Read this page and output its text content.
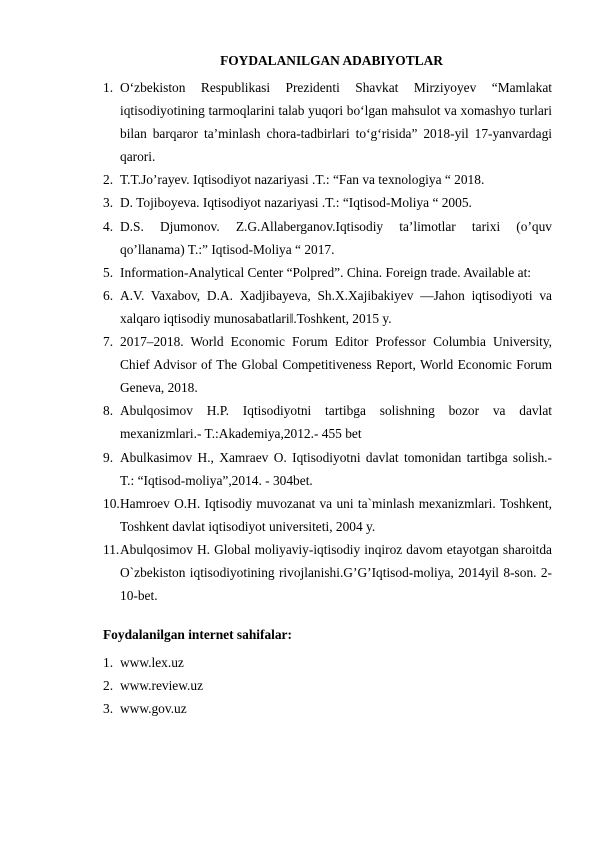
FOYDALANILGAN ADABIYOTLAR
1. O‘zbekiston Respublikasi Prezidenti Shavkat Mirziyoyev “Mamlakat iqtisodiyotining tarmoqlarini talab yuqori bo‘lgan mahsulot va xomashyo turlari bilan barqaror ta’minlash chora-tadbirlari to‘g‘risida” 2018-yil 17-yanvardagi qarori.
2. T.T.Jo’rayev. Iqtisodiyot nazariyasi .T.: “Fan va texnologiya “ 2018.
3. D. Tojiboyeva. Iqtisodiyot nazariyasi .T.: “Iqtisod-Moliya “ 2005.
4. D.S. Djumonov. Z.G.Allaberganov.Iqtisodiy ta’limotlar tarixi (o’quv qo’llanama) T.:” Iqtisod-Moliya “ 2017.
5. Information-Analytical Center “Polpred”. China. Foreign trade. Available at:
6. A.V. Vaxabov, D.A. Xadjibayeva, Sh.X.Xajibakiyev ―Jahon iqtisodiyoti va xalqaro iqtisodiy munosabatlari‖.Toshkent, 2015 y.
7. 2017–2018. World Economic Forum Editor Professor Columbia University, Chief Advisor of The Global Competitiveness Report, World Economic Forum Geneva, 2018.
8. Abulqosimov H.P. Iqtisodiyotni tartibga solishning bozor va davlat mexanizmlari.- T.:Akademiya,2012.- 455 bet
9. Abulkasimov H., Xamraev O. Iqtisodiyotni davlat tomonidan tartibga solish.- T.: “Iqtisod-moliya”,2014. - 304bet.
10. Hamroev O.H. Iqtisodiy muvozanat va uni ta`minlash mexanizmlari. Toshkent, Toshkent davlat iqtisodiyot universiteti, 2004 y.
11. Abulqosimov H. Global moliyaviy-iqtisodiy inqiroz davom etayotgan sharoitda O`zbekiston iqtisodiyotining rivojlanishi.G’G’Iqtisod-moliya, 2014yil 8-son. 2-10-bet.
Foydalanilgan internet sahifalar:
1. www.lex.uz
2. www.review.uz
3. www.gov.uz
